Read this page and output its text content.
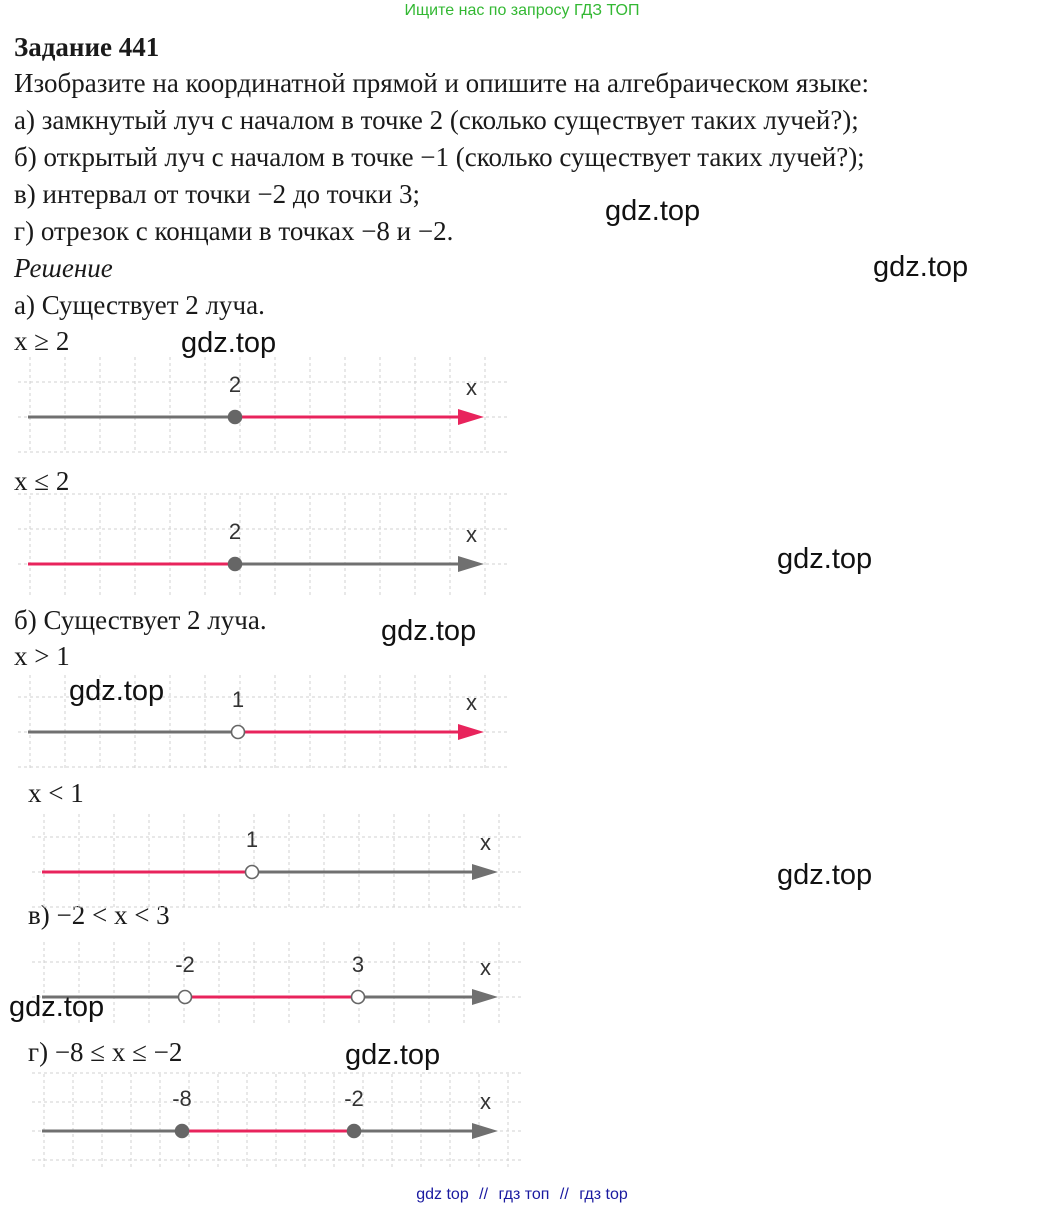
Ищите нас по запросу ГДЗ ТОП
Задание 441
Изобразите на координатной прямой и опишите на алгебраическом языке:
а) замкнутый луч с началом в точке 2 (сколько существует таких лучей?);
б) открытый луч с началом в точке −1 (сколько существует таких лучей?);
в) интервал от точки −2 до точки 3;
г) отрезок с концами в точках −8 и −2.
Решение
а) Существует 2 луча.
x ≥ 2
x ≤ 2
б) Существует 2 луча.
x > 1
x < 1
в) −2 < x < 3
г) −8 ≤ x ≤ −2
x
2
x
2
x
1
x
1
x
-2	3
x
-8	-2
gdz.top
gdz.top
gdz.top
gdz.top
gdz.top
gdz.top
gdz.top
gdz.top
gdz.top
gdz top // гдз топ // гдз top
